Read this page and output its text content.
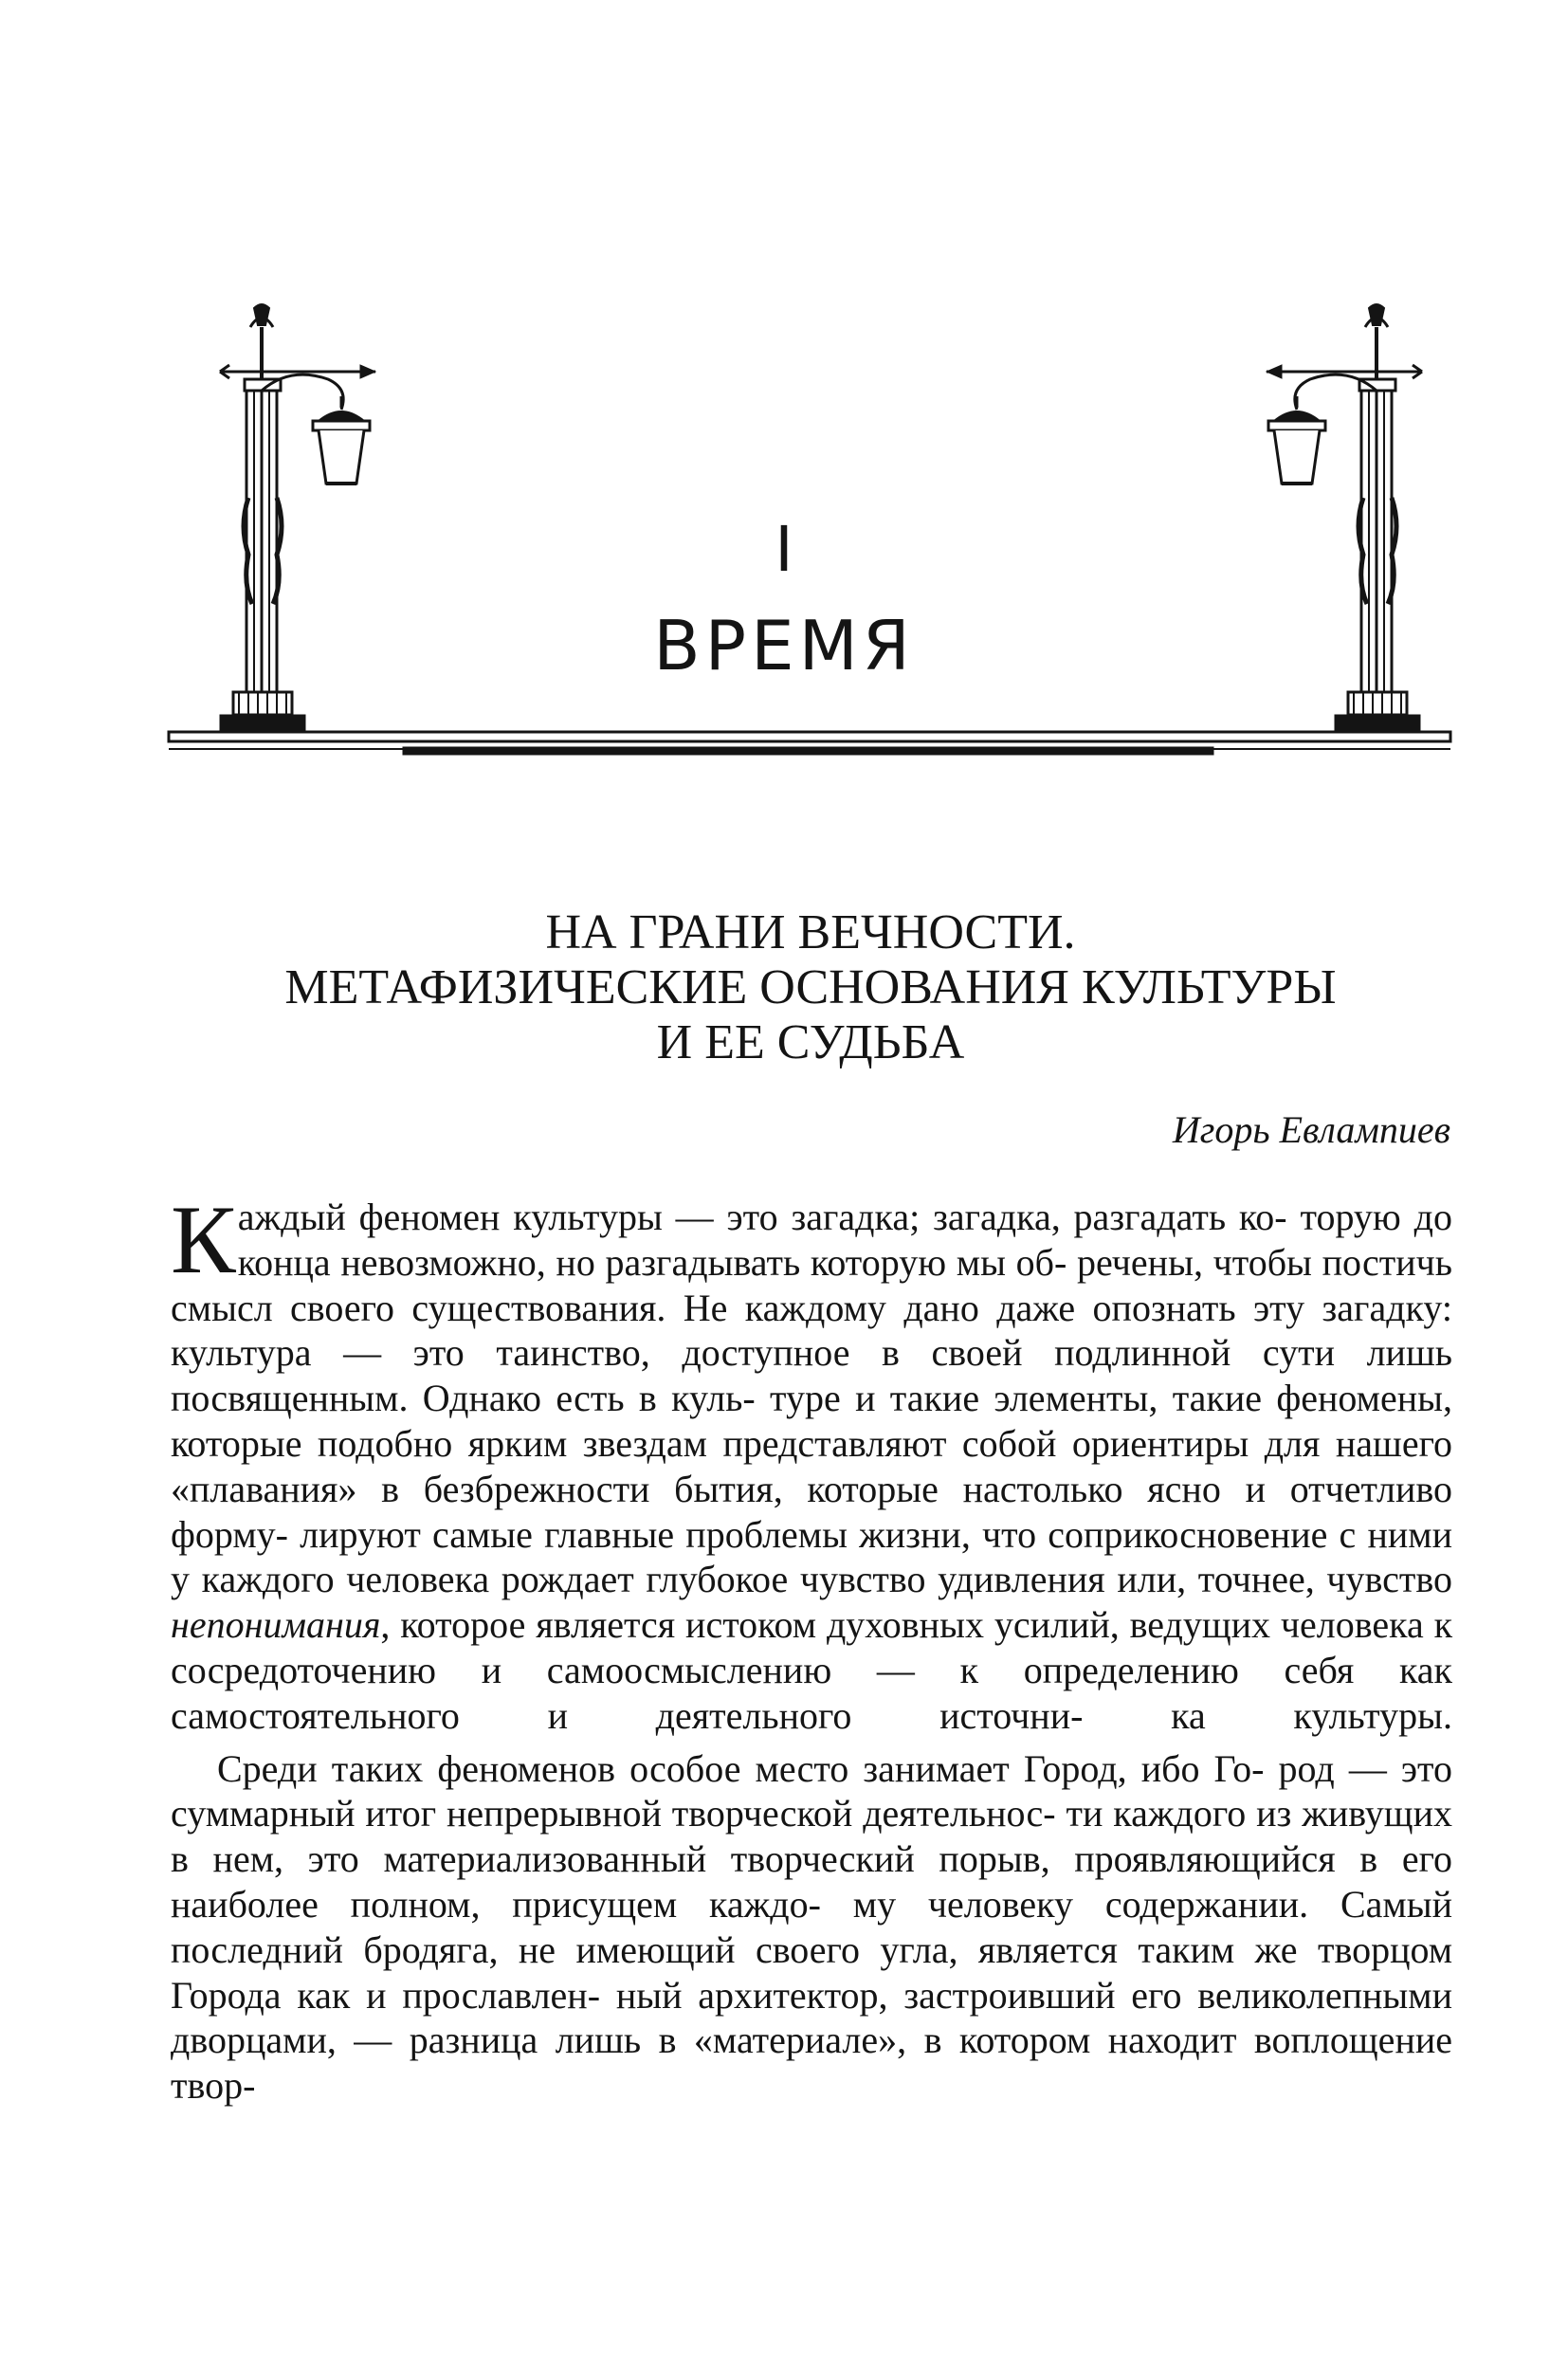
I
ВРЕМЯ
НА ГРАНИ ВЕЧНОСТИ.
МЕТАФИЗИЧЕСКИЕ ОСНОВАНИЯ КУЛЬТУРЫ
И ЕЕ СУДЬБА
Игорь Евлампиев

Каждый феномен культуры — это загадка; загадка, разгадать ко- торую до конца невозможно, но разгадывать которую мы об- речены, чтобы постичь смысл своего существования. Не каждому дано даже опознать эту загадку: культура — это таинство, доступное в своей подлинной сути лишь посвященным. Однако есть в куль- туре и такие элементы, такие феномены, которые подобно ярким звездам представляют собой ориентиры для нашего «плавания» в безбрежности бытия, которые настолько ясно и отчетливо форму- лируют самые главные проблемы жизни, что соприкосновение с ними у каждого человека рождает глубокое чувство удивления или, точнее, чувство непонимания, которое является истоком духовных усилий, ведущих человека к сосредоточению и самоосмыслению — к определению себя как самостоятельного и деятельного источни- ка культуры.

Среди таких феноменов особое место занимает Город, ибо Го- род — это суммарный итог непрерывной творческой деятельнос- ти каждого из живущих в нем, это материализованный творческий порыв, проявляющийся в его наиболее полном, присущем каждо- му человеку содержании. Самый последний бродяга, не имеющий своего угла, является таким же творцом Города как и прославлен- ный архитектор, застроивший его великолепными дворцами, — разница лишь в «материале», в котором находит воплощение твор-
